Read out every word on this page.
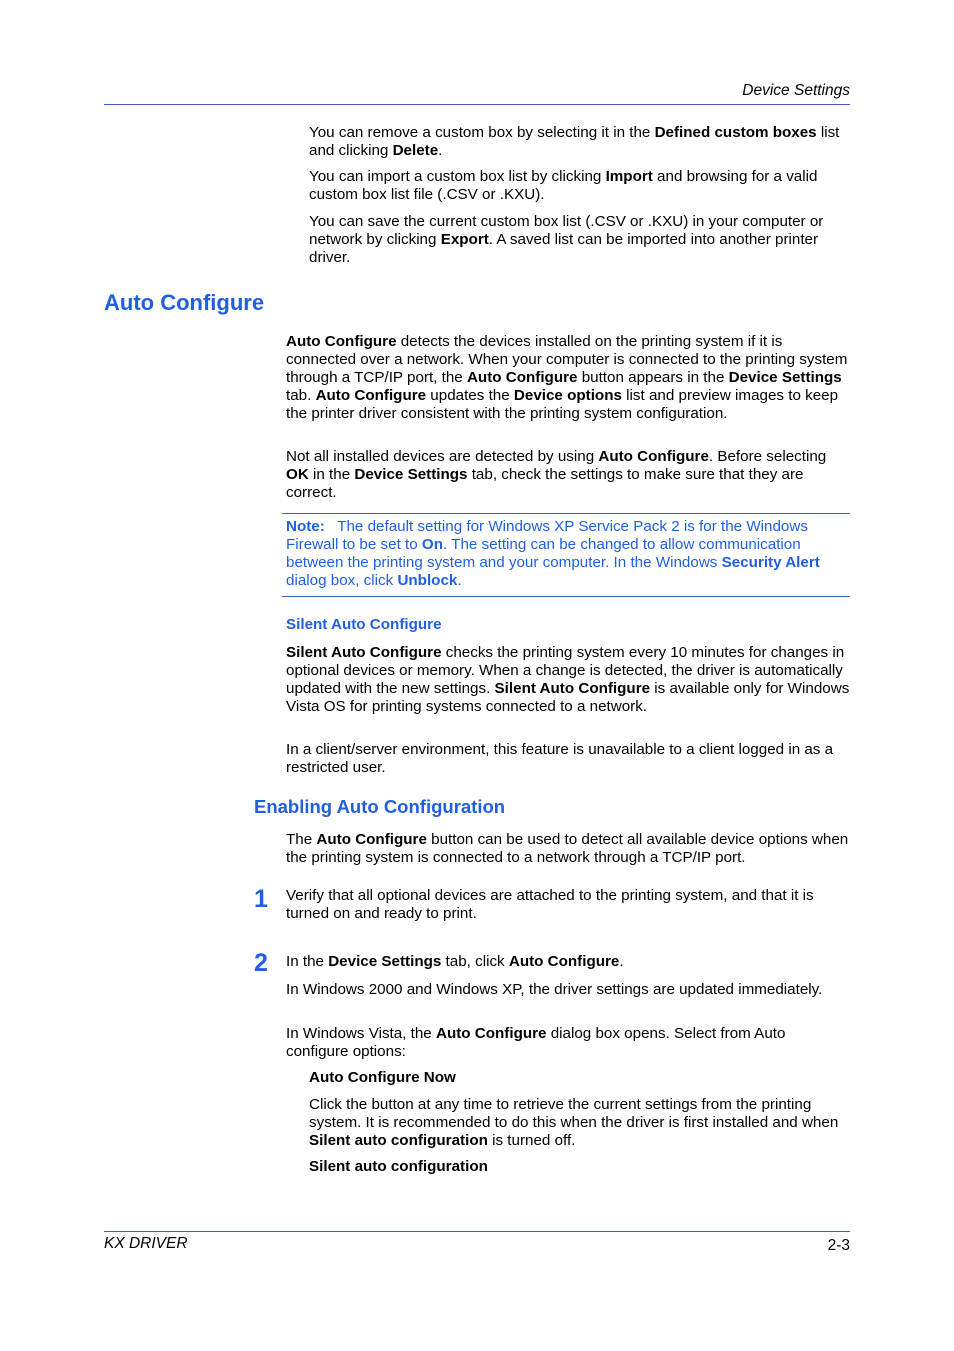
Device Settings

You can remove a custom box by selecting it in the Defined custom boxes list and clicking Delete.

You can import a custom box list by clicking Import and browsing for a valid custom box list file (.CSV or .KXU).

You can save the current custom box list (.CSV or .KXU) in your computer or network by clicking Export. A saved list can be imported into another printer driver.

Auto Configure

Auto Configure detects the devices installed on the printing system if it is connected over a network. When your computer is connected to the printing system through a TCP/IP port, the Auto Configure button appears in the Device Settings tab. Auto Configure updates the Device options list and preview images to keep the printer driver consistent with the printing system configuration.

Not all installed devices are detected by using Auto Configure. Before selecting OK in the Device Settings tab, check the settings to make sure that they are correct.

Note:   The default setting for Windows XP Service Pack 2 is for the Windows Firewall to be set to On. The setting can be changed to allow communication between the printing system and your computer. In the Windows Security Alert dialog box, click Unblock.

Silent Auto Configure

Silent Auto Configure checks the printing system every 10 minutes for changes in optional devices or memory. When a change is detected, the driver is automatically updated with the new settings. Silent Auto Configure is available only for Windows Vista OS for printing systems connected to a network.

In a client/server environment, this feature is unavailable to a client logged in as a restricted user.

Enabling Auto Configuration

The Auto Configure button can be used to detect all available device options when the printing system is connected to a network through a TCP/IP port.

1 Verify that all optional devices are attached to the printing system, and that it is turned on and ready to print.

2 In the Device Settings tab, click Auto Configure.

In Windows 2000 and Windows XP, the driver settings are updated immediately.

In Windows Vista, the Auto Configure dialog box opens. Select from Auto configure options:

Auto Configure Now

Click the button at any time to retrieve the current settings from the printing system. It is recommended to do this when the driver is first installed and when Silent auto configuration is turned off.

Silent auto configuration

KX DRIVER	2-3
